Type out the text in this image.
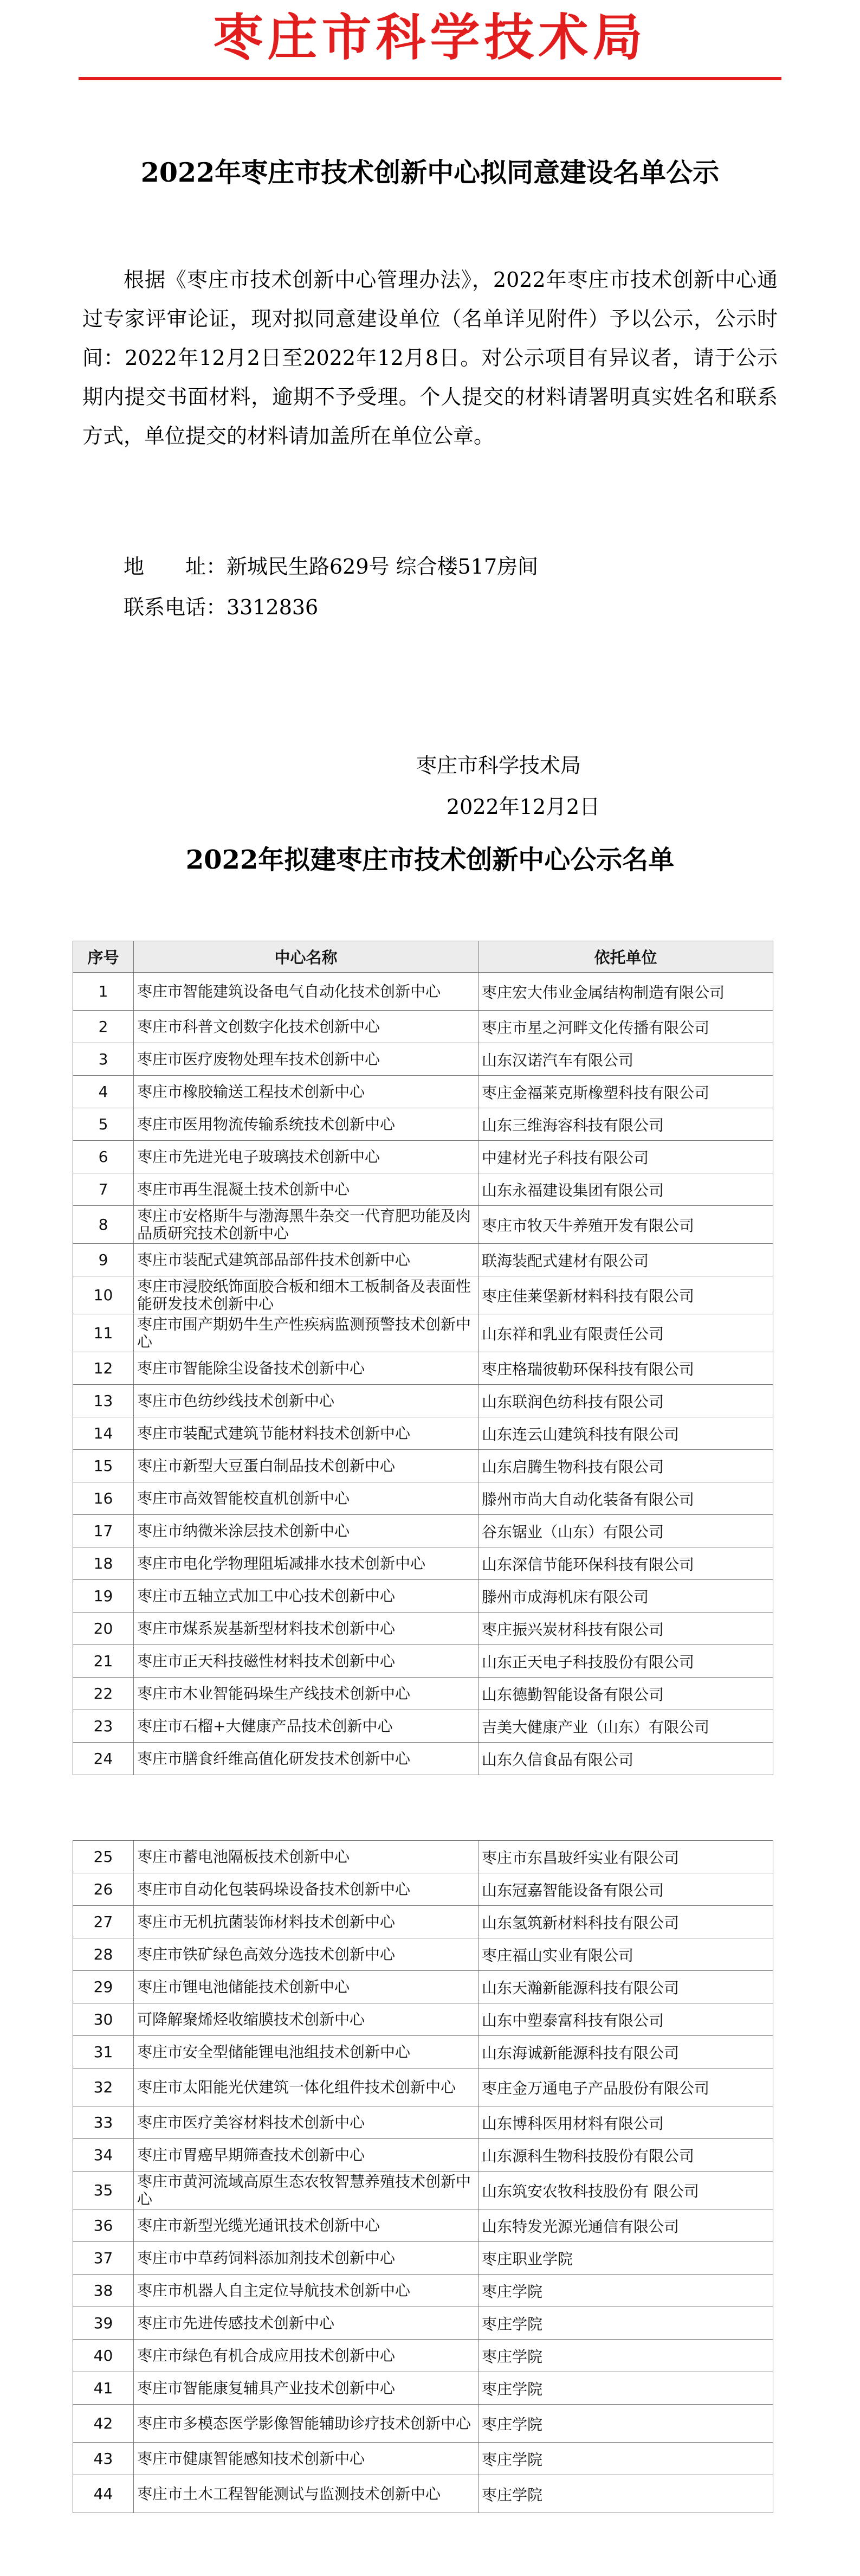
枣庄市科学技术局
2022年枣庄市技术创新中心拟同意建设名单公示

根据《枣庄市技术创新中心管理办法》，2022年枣庄市技术创新中心通过专家评审论证，现对拟同意建设单位（名单详见附件）予以公示，公示时间：2022年12月2日至2022年12月8日。对公示项目有异议者，请于公示期内提交书面材料，逾期不予受理。个人提交的材料请署明真实姓名和联系方式，单位提交的材料请加盖所在单位公章。

地　　址：新城民生路629号 综合楼517房间
联系电话：3312836
枣庄市科学技术局
2022年12月2日
2022年拟建枣庄市技术创新中心公示名单
序号	中心名称	依托单位
1	枣庄市智能建筑设备电气自动化技术创新中心	枣庄宏大伟业金属结构制造有限公司
2	枣庄市科普文创数字化技术创新中心	枣庄市星之河畔文化传播有限公司
3	枣庄市医疗废物处理车技术创新中心	山东汉诺汽车有限公司
4	枣庄市橡胶输送工程技术创新中心	枣庄金福莱克斯橡塑科技有限公司
5	枣庄市医用物流传输系统技术创新中心	山东三维海容科技有限公司
6	枣庄市先进光电子玻璃技术创新中心	中建材光子科技有限公司
7	枣庄市再生混凝土技术创新中心	山东永福建设集团有限公司
8	枣庄市安格斯牛与渤海黑牛杂交一代育肥功能及肉品质研究技术创新中心	枣庄市牧天牛养殖开发有限公司
9	枣庄市装配式建筑部品部件技术创新中心	联海装配式建材有限公司
10	枣庄市浸胶纸饰面胶合板和细木工板制备及表面性能研发技术创新中心	枣庄佳莱堡新材料科技有限公司
11	枣庄市围产期奶牛生产性疾病监测预警技术创新中心	山东祥和乳业有限责任公司
12	枣庄市智能除尘设备技术创新中心	枣庄格瑞彼勒环保科技有限公司
13	枣庄市色纺纱线技术创新中心	山东联润色纺科技有限公司
14	枣庄市装配式建筑节能材料技术创新中心	山东连云山建筑科技有限公司
15	枣庄市新型大豆蛋白制品技术创新中心	山东启腾生物科技有限公司
16	枣庄市高效智能校直机创新中心	滕州市尚大自动化装备有限公司
17	枣庄市纳微米涂层技术创新中心	谷东锯业（山东）有限公司
18	枣庄市电化学物理阻垢减排水技术创新中心	山东深信节能环保科技有限公司
19	枣庄市五轴立式加工中心技术创新中心	滕州市成海机床有限公司
20	枣庄市煤系炭基新型材料技术创新中心	枣庄振兴炭材科技有限公司
21	枣庄市正天科技磁性材料技术创新中心	山东正天电子科技股份有限公司
22	枣庄市木业智能码垛生产线技术创新中心	山东德勤智能设备有限公司
23	枣庄市石榴+大健康产品技术创新中心	吉美大健康产业（山东）有限公司
24	枣庄市膳食纤维高值化研发技术创新中心	山东久信食品有限公司
25	枣庄市蓄电池隔板技术创新中心	枣庄市东昌玻纤实业有限公司
26	枣庄市自动化包装码垛设备技术创新中心	山东冠嘉智能设备有限公司
27	枣庄市无机抗菌装饰材料技术创新中心	山东氢筑新材料科技有限公司
28	枣庄市铁矿绿色高效分选技术创新中心	枣庄福山实业有限公司
29	枣庄市锂电池储能技术创新中心	山东天瀚新能源科技有限公司
30	可降解聚烯烃收缩膜技术创新中心	山东中塑泰富科技有限公司
31	枣庄市安全型储能锂电池组技术创新中心	山东海诚新能源科技有限公司
32	枣庄市太阳能光伏建筑一体化组件技术创新中心	枣庄金万通电子产品股份有限公司
33	枣庄市医疗美容材料技术创新中心	山东博科医用材料有限公司
34	枣庄市胃癌早期筛查技术创新中心	山东源科生物科技股份有限公司
35	枣庄市黄河流域高原生态农牧智慧养殖技术创新中心	山东筑安农牧科技股份有 限公司
36	枣庄市新型光缆光通讯技术创新中心	山东特发光源光通信有限公司
37	枣庄市中草药饲料添加剂技术创新中心	枣庄职业学院
38	枣庄市机器人自主定位导航技术创新中心	枣庄学院
39	枣庄市先进传感技术创新中心	枣庄学院
40	枣庄市绿色有机合成应用技术创新中心	枣庄学院
41	枣庄市智能康复辅具产业技术创新中心	枣庄学院
42	枣庄市多模态医学影像智能辅助诊疗技术创新中心	枣庄学院
43	枣庄市健康智能感知技术创新中心	枣庄学院
44	枣庄市土木工程智能测试与监测技术创新中心	枣庄学院
